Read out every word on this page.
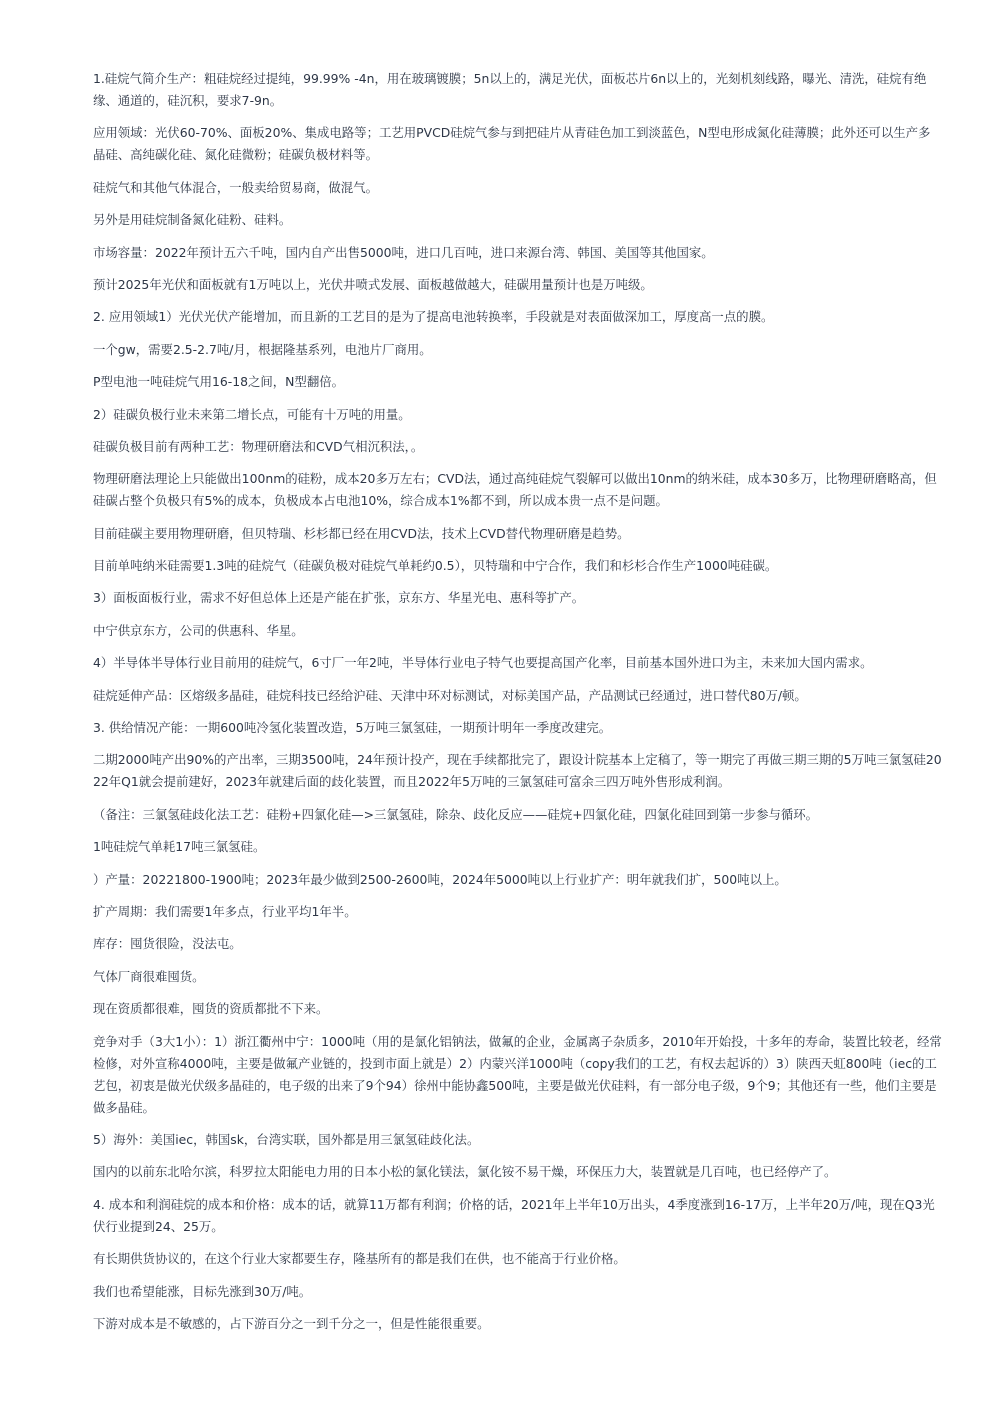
1.硅烷气简介生产：粗硅烷经过提纯，99.99% -4n，用在玻璃镀膜；5n以上的，满足光伏，面板芯片6n以上的，光刻机刻线路，曝光、清洗，硅烷有绝缘、通道的，硅沉积，要求7-9n。

应用领域：光伏60-70%、面板20%、集成电路等；工艺用PVCD硅烷气参与到把硅片从青硅色加工到淡蓝色，N型电形成氮化硅薄膜；此外还可以生产多晶硅、高纯碳化硅、氮化硅微粉；硅碳负极材料等。

硅烷气和其他气体混合，一般卖给贸易商，做混气。

另外是用硅烷制备氮化硅粉、硅料。

市场容量：2022年预计五六千吨，国内自产出售5000吨，进口几百吨，进口来源台湾、韩国、美国等其他国家。

预计2025年光伏和面板就有1万吨以上，光伏井喷式发展、面板越做越大，硅碳用量预计也是万吨级。

2. 应用领域1）光伏光伏产能增加，而且新的工艺目的是为了提高电池转换率，手段就是对表面做深加工，厚度高一点的膜。

一个gw，需要2.5-2.7吨/月，根据隆基系列，电池片厂商用。

P型电池一吨硅烷气用16-18之间，N型翻倍。

2）硅碳负极行业未来第二增长点，可能有十万吨的用量。

硅碳负极目前有两种工艺：物理研磨法和CVD气相沉积法，。

物理研磨法理论上只能做出100nm的硅粉，成本20多万左右；CVD法，通过高纯硅烷气裂解可以做出10nm的纳米硅，成本30多万，比物理研磨略高，但硅碳占整个负极只有5%的成本，负极成本占电池10%，综合成本1%都不到，所以成本贵一点不是问题。

目前硅碳主要用物理研磨，但贝特瑞、杉杉都已经在用CVD法，技术上CVD替代物理研磨是趋势。

目前单吨纳米硅需要1.3吨的硅烷气（硅碳负极对硅烷气单耗约0.5），贝特瑞和中宁合作，我们和杉杉合作生产1000吨硅碳。

3）面板面板行业，需求不好但总体上还是产能在扩张，京东方、华星光电、惠科等扩产。

中宁供京东方，公司的供惠科、华星。

4）半导体半导体行业目前用的硅烷气，6寸厂一年2吨，半导体行业电子特气也要提高国产化率，目前基本国外进口为主，未来加大国内需求。

硅烷延伸产品：区熔级多晶硅，硅烷科技已经给沪硅、天津中环对标测试，对标美国产品，产品测试已经通过，进口替代80万/顿。

3. 供给情况产能：一期600吨冷氢化装置改造，5万吨三氯氢硅，一期预计明年一季度改建完。

二期2000吨产出90%的产出率，三期3500吨，24年预计投产，现在手续都批完了，跟设计院基本上定稿了，等一期完了再做三期三期的5万吨三氯氢硅2022年Q1就会提前建好，2023年就建后面的歧化装置，而且2022年5万吨的三氯氢硅可富余三四万吨外售形成利润。

（备注：三氯氢硅歧化法工艺：硅粉+四氯化硅—>三氯氢硅，除杂、歧化反应——硅烷+四氯化硅，四氯化硅回到第一步参与循环。

1吨硅烷气单耗17吨三氯氢硅。

）产量：20221800-1900吨；2023年最少做到2500-2600吨，2024年5000吨以上行业扩产：明年就我们扩，500吨以上。

扩产周期：我们需要1年多点，行业平均1年半。

库存：囤货很险，没法屯。

气体厂商很难囤货。

现在资质都很难，囤货的资质都批不下来。

竞争对手（3大1小）：1）浙江衢州中宁：1000吨（用的是氯化铝钠法，做氟的企业，金属离子杂质多，2010年开始投，十多年的寿命，装置比较老，经常检修，对外宣称4000吨，主要是做氟产业链的，投到市面上就是）2）内蒙兴洋1000吨（copy我们的工艺，有权去起诉的）3）陕西天虹800吨（iec的工艺包，初衷是做光伏级多晶硅的，电子级的出来了9个94）徐州中能协鑫500吨，主要是做光伏硅料，有一部分电子级，9个9；其他还有一些，他们主要是做多晶硅。

5）海外：美国iec，韩国sk，台湾实联，国外都是用三氯氢硅歧化法。

国内的以前东北哈尔滨，科罗拉太阳能电力用的日本小松的氯化镁法，氯化铵不易干燥，环保压力大，装置就是几百吨，也已经停产了。

4. 成本和利润硅烷的成本和价格：成本的话，就算11万都有利润；价格的话，2021年上半年10万出头，4季度涨到16-17万，上半年20万/吨，现在Q3光伏行业提到24、25万。

有长期供货协议的，在这个行业大家都要生存，隆基所有的都是我们在供，也不能高于行业价格。

我们也希望能涨，目标先涨到30万/吨。

下游对成本是不敏感的，占下游百分之一到千分之一，但是性能很重要。
